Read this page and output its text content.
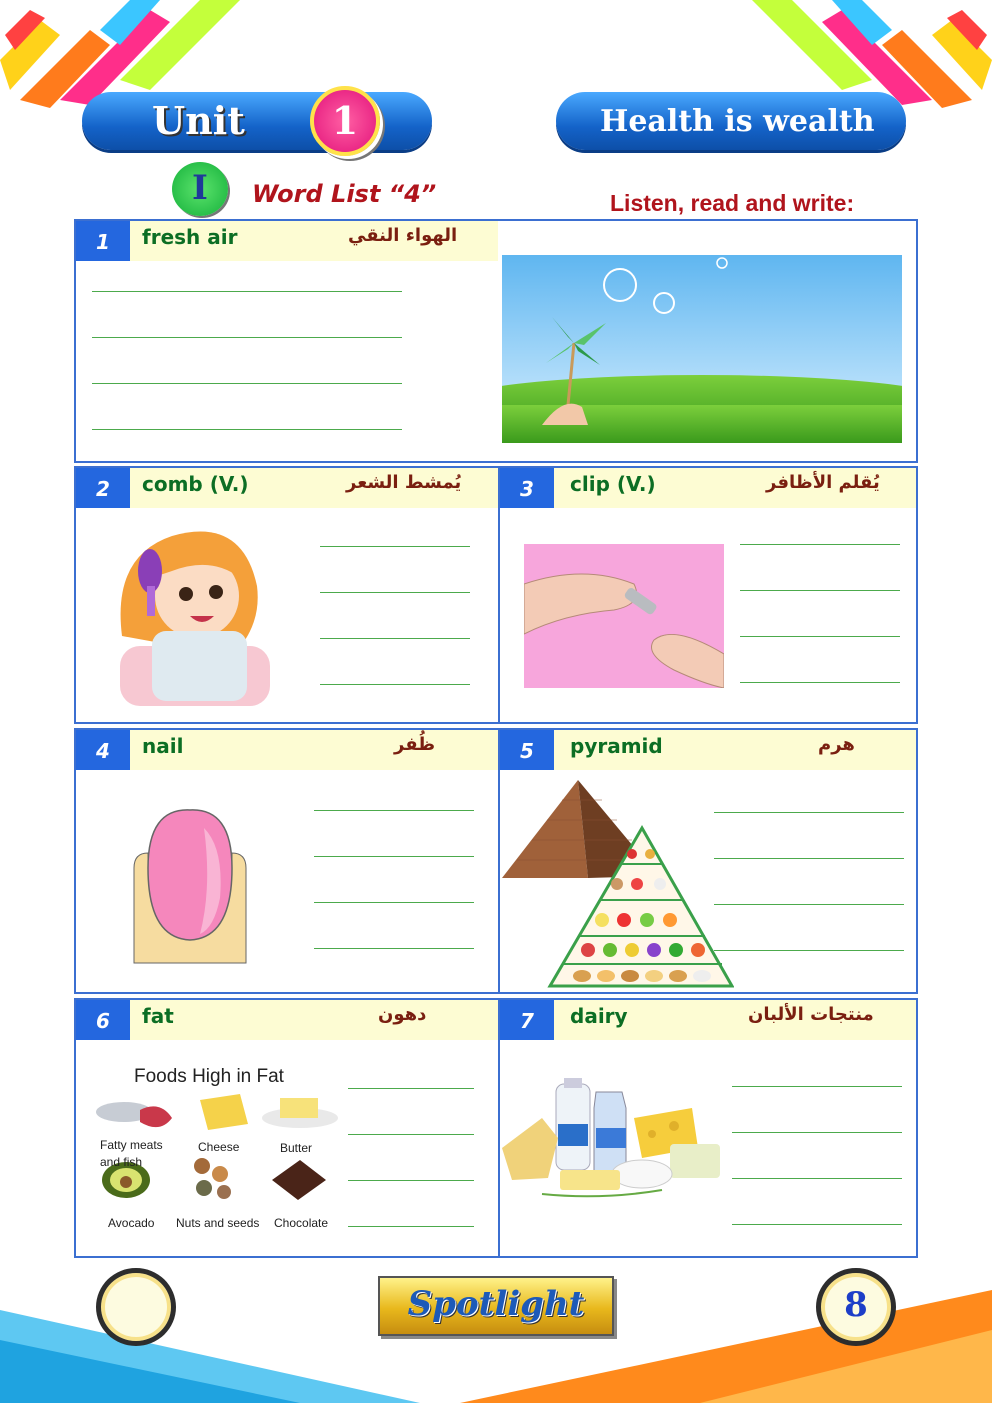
Unit	1	Health is wealth
I	Word List “4”	Listen, read and write:
1	fresh air	الهواء النقي
2	comb (V.)	يُمشط الشعر	3	clip (V.)	يُقلم الأظافر
4	nail	ظُفر	5	pyramid	هرم
6	fat	دهون
Foods High in Fat
Fatty meats
and fish
Cheese	Butter
Avocado Nuts and seeds Chocolate
7	dairy	منتجات الألبان
Spotlight	8
